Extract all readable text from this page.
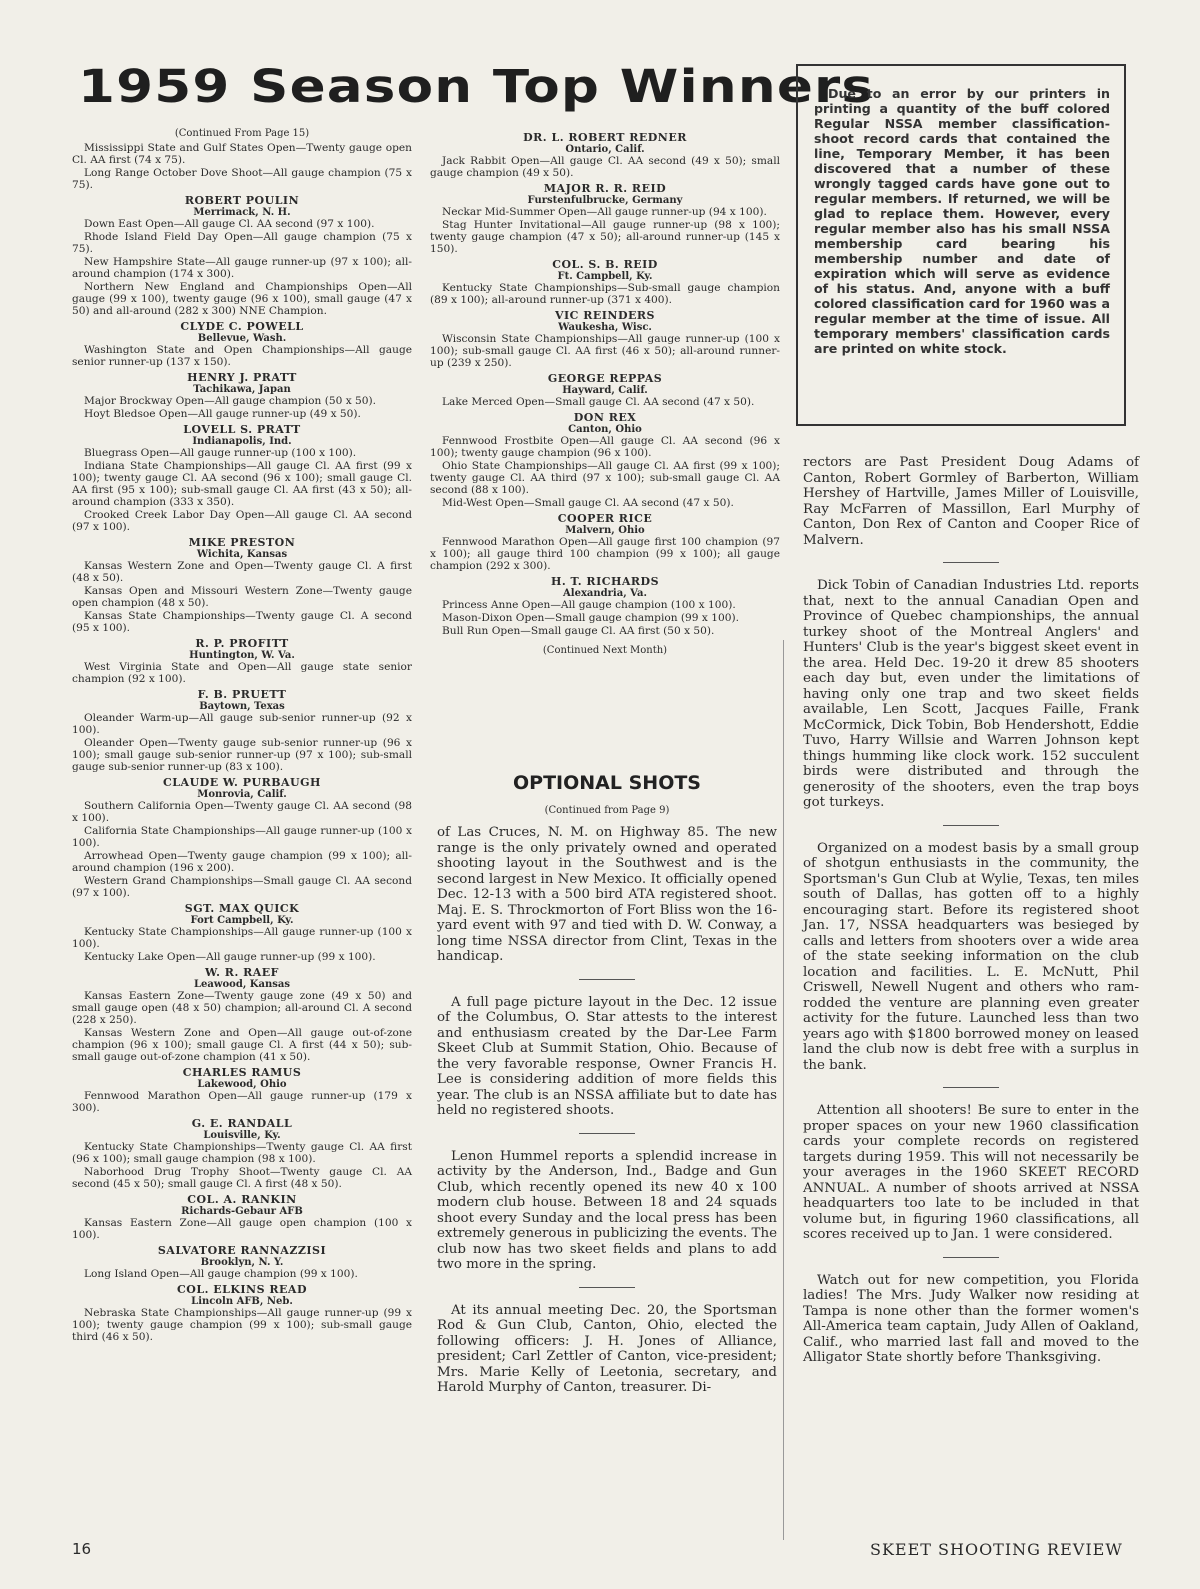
1959 Season Top Winners
(Continued From Page 15)

Mississippi State and Gulf States Open—Twenty gauge open Cl. AA first (74 x 75).

Long Range October Dove Shoot—All gauge champion (75 x 75).

ROBERT POULIN
Merrimack, N. H.

Down East Open—All gauge Cl. AA second (97 x 100).

Rhode Island Field Day Open—All gauge champion (75 x 75).

New Hampshire State—All gauge runner-up (97 x 100); all-around champion (174 x 300).

Northern New England and Championships Open—All gauge (99 x 100), twenty gauge (96 x 100), small gauge (47 x 50) and all-around (282 x 300) NNE Champion.

CLYDE C. POWELL
Bellevue, Wash.

Washington State and Open Championships—All gauge senior runner-up (137 x 150).

HENRY J. PRATT
Tachikawa, Japan

Major Brockway Open—All gauge champion (50 x 50).

Hoyt Bledsoe Open—All gauge runner-up (49 x 50).

LOVELL S. PRATT
Indianapolis, Ind.

Bluegrass Open—All gauge runner-up (100 x 100).

Indiana State Championships—All gauge Cl. AA first (99 x 100); twenty gauge Cl. AA second (96 x 100); small gauge Cl. AA first (95 x 100); sub-small gauge Cl. AA first (43 x 50); all-around champion (333 x 350).

Crooked Creek Labor Day Open—All gauge Cl. AA second (97 x 100).

MIKE PRESTON
Wichita, Kansas

Kansas Western Zone and Open—Twenty gauge Cl. A first (48 x 50).

Kansas Open and Missouri Western Zone—Twenty gauge open champion (48 x 50).

Kansas State Championships—Twenty gauge Cl. A second (95 x 100).

R. P. PROFITT
Huntington, W. Va.

West Virginia State and Open—All gauge state senior champion (92 x 100).

F. B. PRUETT
Baytown, Texas

Oleander Warm-up—All gauge sub-senior runner-up (92 x 100).

Oleander Open—Twenty gauge sub-senior runner-up (96 x 100); small gauge sub-senior runner-up (97 x 100); sub-small gauge sub-senior runner-up (83 x 100).

CLAUDE W. PURBAUGH
Monrovia, Calif.

Southern California Open—Twenty gauge Cl. AA second (98 x 100).

California State Championships—All gauge runner-up (100 x 100).

Arrowhead Open—Twenty gauge champion (99 x 100); all-around champion (196 x 200).

Western Grand Championships—Small gauge Cl. AA second (97 x 100).

SGT. MAX QUICK
Fort Campbell, Ky.

Kentucky State Championships—All gauge runner-up (100 x 100).

Kentucky Lake Open—All gauge runner-up (99 x 100).

W. R. RAEF
Leawood, Kansas

Kansas Eastern Zone—Twenty gauge zone (49 x 50) and small gauge open (48 x 50) champion; all-around Cl. A second (228 x 250).

Kansas Western Zone and Open—All gauge out-of-zone champion (96 x 100); small gauge Cl. A first (44 x 50); sub-small gauge out-of-zone champion (41 x 50).

CHARLES RAMUS
Lakewood, Ohio

Fennwood Marathon Open—All gauge runner-up (179 x 300).

G. E. RANDALL
Louisville, Ky.

Kentucky State Championships—Twenty gauge Cl. AA first (96 x 100); small gauge champion (98 x 100).

Naborhood Drug Trophy Shoot—Twenty gauge Cl. AA second (45 x 50); small gauge Cl. A first (48 x 50).

COL. A. RANKIN
Richards-Gebaur AFB

Kansas Eastern Zone—All gauge open champion (100 x 100).

SALVATORE RANNAZZISI
Brooklyn, N. Y.

Long Island Open—All gauge champion (99 x 100).

COL. ELKINS READ
Lincoln AFB, Neb.

Nebraska State Championships—All gauge runner-up (99 x 100); twenty gauge champion (99 x 100); sub-small gauge third (46 x 50).

DR. L. ROBERT REDNER
Ontario, Calif.

Jack Rabbit Open—All gauge Cl. AA second (49 x 50); small gauge champion (49 x 50).

MAJOR R. R. REID
Furstenfulbrucke, Germany

Neckar Mid-Summer Open—All gauge runner-up (94 x 100).

Stag Hunter Invitational—All gauge runner-up (98 x 100); twenty gauge champion (47 x 50); all-around runner-up (145 x 150).

COL. S. B. REID
Ft. Campbell, Ky.

Kentucky State Championships—Sub-small gauge champion (89 x 100); all-around runner-up (371 x 400).

VIC REINDERS
Waukesha, Wisc.

Wisconsin State Championships—All gauge runner-up (100 x 100); sub-small gauge Cl. AA first (46 x 50); all-around runner-up (239 x 250).

GEORGE REPPAS
Hayward, Calif.

Lake Merced Open—Small gauge Cl. AA second (47 x 50).

DON REX
Canton, Ohio

Fennwood Frostbite Open—All gauge Cl. AA second (96 x 100); twenty gauge champion (96 x 100).

Ohio State Championships—All gauge Cl. AA first (99 x 100); twenty gauge Cl. AA third (97 x 100); sub-small gauge Cl. AA second (88 x 100).

Mid-West Open—Small gauge Cl. AA second (47 x 50).

COOPER RICE
Malvern, Ohio

Fennwood Marathon Open—All gauge first 100 champion (97 x 100); all gauge third 100 champion (99 x 100); all gauge champion (292 x 300).

H. T. RICHARDS
Alexandria, Va.

Princess Anne Open—All gauge champion (100 x 100).

Mason-Dixon Open—Small gauge champion (99 x 100).

Bull Run Open—Small gauge Cl. AA first (50 x 50).

(Continued Next Month)
OPTIONAL SHOTS
(Continued from Page 9)

of Las Cruces, N. M. on Highway 85. The new range is the only privately owned and operated shooting layout in the Southwest and is the second largest in New Mexico. It officially opened Dec. 12-13 with a 500 bird ATA registered shoot. Maj. E. S. Throckmorton of Fort Bliss won the 16-yard event with 97 and tied with D. W. Conway, a long time NSSA director from Clint, Texas in the handicap.

A full page picture layout in the Dec. 12 issue of the Columbus, O. Star attests to the interest and enthusiasm created by the Dar-Lee Farm Skeet Club at Summit Station, Ohio. Because of the very favorable response, Owner Francis H. Lee is considering addition of more fields this year. The club is an NSSA affiliate but to date has held no registered shoots.

Lenon Hummel reports a splendid increase in activity by the Anderson, Ind., Badge and Gun Club, which recently opened its new 40 x 100 modern club house. Between 18 and 24 squads shoot every Sunday and the local press has been extremely generous in publicizing the events. The club now has two skeet fields and plans to add two more in the spring.

At its annual meeting Dec. 20, the Sportsman Rod & Gun Club, Canton, Ohio, elected the following officers: J. H. Jones of Alliance, president; Carl Zettler of Canton, vice-president; Mrs. Marie Kelly of Leetonia, secretary, and Harold Murphy of Canton, treasurer. Di-

Due to an error by our printers in printing a quantity of the buff colored Regular NSSA member classification-shoot record cards that contained the line, Temporary Member, it has been discovered that a number of these wrongly tagged cards have gone out to regular members. If returned, we will be glad to replace them. However, every regular member also has his small NSSA membership card bearing his membership number and date of expiration which will serve as evidence of his status. And, anyone with a buff colored classification card for 1960 was a regular member at the time of issue. All temporary members' classification cards are printed on white stock.

rectors are Past President Doug Adams of Canton, Robert Gormley of Barberton, William Hershey of Hartville, James Miller of Louisville, Ray McFarren of Massillon, Earl Murphy of Canton, Don Rex of Canton and Cooper Rice of Malvern.

Dick Tobin of Canadian Industries Ltd. reports that, next to the annual Canadian Open and Province of Quebec championships, the annual turkey shoot of the Montreal Anglers' and Hunters' Club is the year's biggest skeet event in the area. Held Dec. 19-20 it drew 85 shooters each day but, even under the limitations of having only one trap and two skeet fields available, Len Scott, Jacques Faille, Frank McCormick, Dick Tobin, Bob Hendershott, Eddie Tuvo, Harry Willsie and Warren Johnson kept things humming like clock work. 152 succulent birds were distributed and through the generosity of the shooters, even the trap boys got turkeys.

Organized on a modest basis by a small group of shotgun enthusiasts in the community, the Sportsman's Gun Club at Wylie, Texas, ten miles south of Dallas, has gotten off to a highly encouraging start. Before its registered shoot Jan. 17, NSSA headquarters was besieged by calls and letters from shooters over a wide area of the state seeking information on the club location and facilities. L. E. McNutt, Phil Criswell, Newell Nugent and others who ram-rodded the venture are planning even greater activity for the future. Launched less than two years ago with $1800 borrowed money on leased land the club now is debt free with a surplus in the bank.

Attention all shooters! Be sure to enter in the proper spaces on your new 1960 classification cards your complete records on registered targets during 1959. This will not necessarily be your averages in the 1960 SKEET RECORD ANNUAL. A number of shoots arrived at NSSA headquarters too late to be included in that volume but, in figuring 1960 classifications, all scores received up to Jan. 1 were considered.

Watch out for new competition, you Florida ladies! The Mrs. Judy Walker now residing at Tampa is none other than the former women's All-America team captain, Judy Allen of Oakland, Calif., who married last fall and moved to the Alligator State shortly before Thanksgiving.

16	SKEET SHOOTING REVIEW
